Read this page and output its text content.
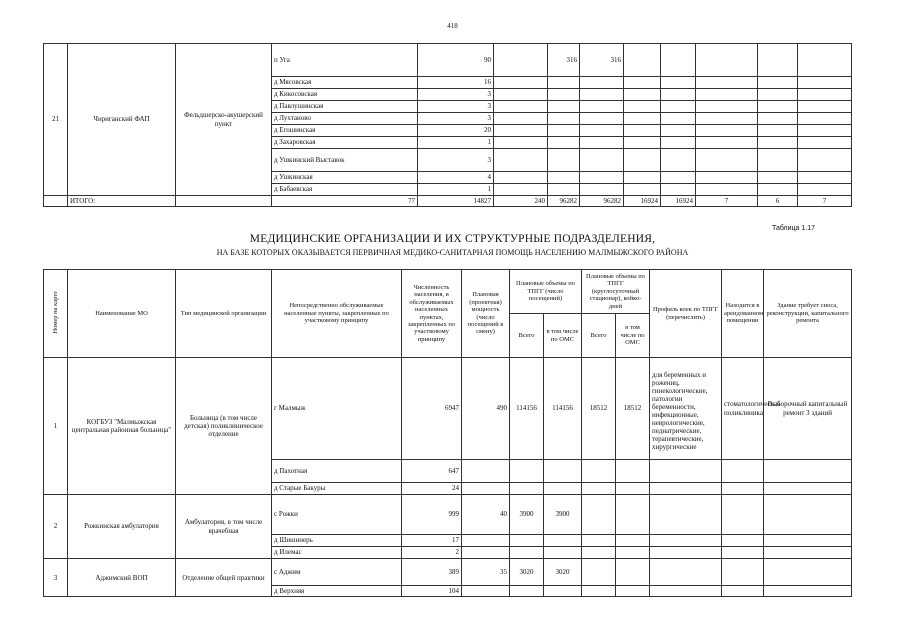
418
21	Чириганский ФАП	Фельдшерско-акушерский пункт	п Уга	90		316	316					
			д Мясовская	16								
			д Кикосовская	3								
			д Павлушинская	3								
			д Лухтаново	3								
			д Егошинская	20								
			д Захаровская	1								
			д Ушкинский Выставок	3								
			д Ушкинская	4								
			д Бабаевская	1								
	ИТОГО:		77	14827	240	96282	96282	16924	16924	7	6	7
Таблица 1.17
МЕДИЦИНСКИЕ ОРГАНИЗАЦИИ И ИХ СТРУКТУРНЫЕ ПОДРАЗДЕЛЕНИЯ,
НА БАЗЕ КОТОРЫХ ОКАЗЫВАЕТСЯ ПЕРВИЧНАЯ МЕДИКО-САНИТАРНАЯ ПОМОЩЬ НАСЕЛЕНИЮ МАЛМЫЖСКОГО РАЙОНА
Номер на карте	Наименование МО	Тип медицинской организации	Непосредственно обслуживаемые населенные пункты, закрепленные по участковому принципу	Численность населения, в обслуживаемых населенных пунктах, закрепленных по участковому принципу	Плановая (проектная) мощность (число посещений в смену)	Плановые объемы по ТПГГ (число посещений)		Плановые объемы по ТПГГ (круглосуточный стационар), койко-дней		Профиль коек по ТПГГ (перечислить)	Находится в арендованном помещении	Здание требует сноса, реконструкции, капитального ремонта
						Всего	в том числе по ОМС	Всего	в том числе по ОМС			
1	КОГБУЗ "Малмыжская центральная районная больница"	Больница (в том числе детская) поликлиническое отделение	г Малмыж	6947	490	114156	114156	18512	18512	для беременных и рожениц, гинекологические, патологии беременности, инфекционные, неврологические, педиатрические, терапевтические, хирургические	стоматологическая поликлиника	Выборочный капитальный ремонт 3 зданий
			д Пахотная	647								
			д Старые Бакуры	24								
2	Рожкинская амбулатория	Амбулатория, в том числе врачебная	с Рожки	999	40	3900	3900					
			д Шишинерь	17								
			д Илемас	2								
3	Аджимский ВОП	Отделение общей практики	с Аджим	389	35	3020	3020					
			д Верхняя	104								
